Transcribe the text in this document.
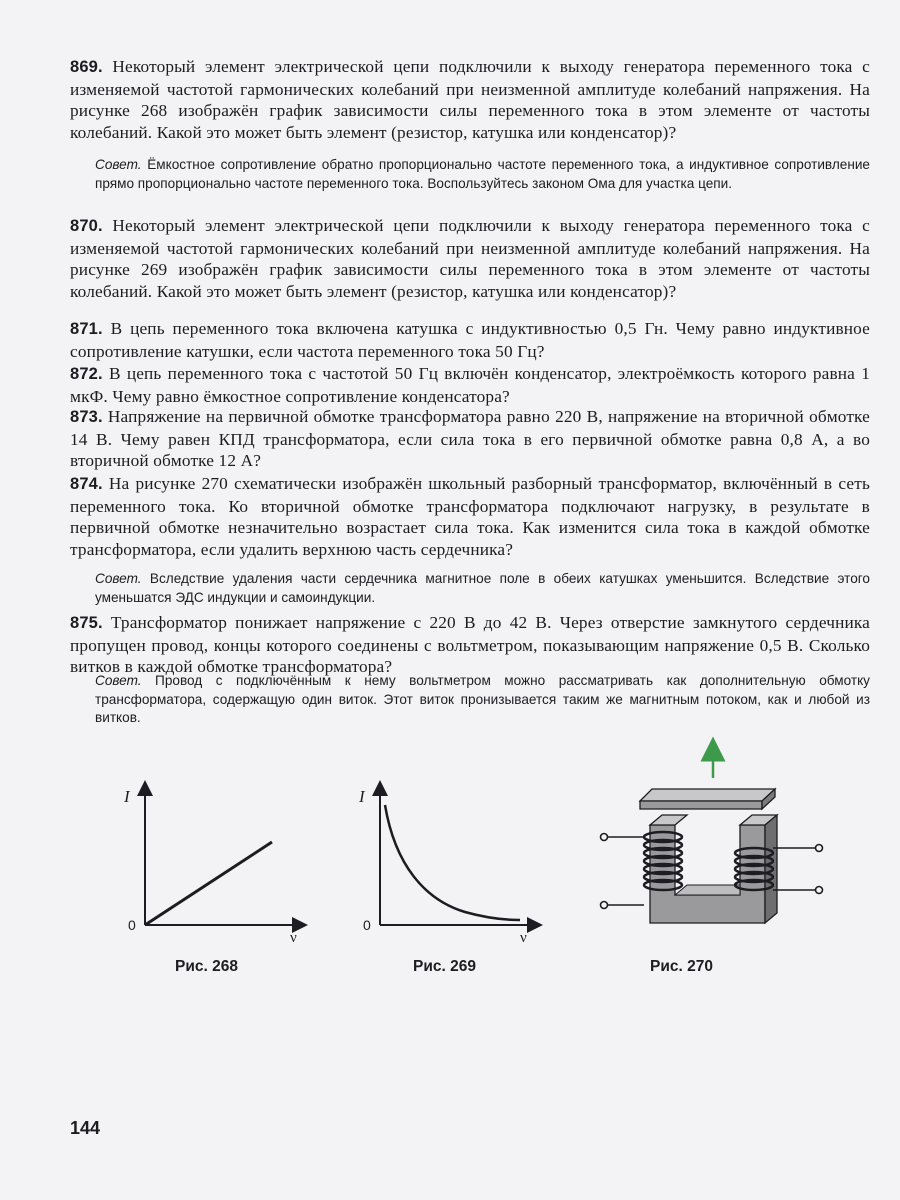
869. Некоторый элемент электрической цепи подключили к выходу генератора переменного тока с изменяемой частотой гармонических колебаний при неизменной амплитуде колебаний напряжения. На рисунке 268 изображён график зависимости силы переменного тока в этом элементе от частоты колебаний. Какой это может быть элемент (резистор, катушка или конденсатор)?
Совет. Ёмкостное сопротивление обратно пропорционально частоте переменного тока, а индуктивное сопротивление прямо пропорционально частоте переменного тока. Воспользуйтесь законом Ома для участка цепи.
870. Некоторый элемент электрической цепи подключили к выходу генератора переменного тока с изменяемой частотой гармонических колебаний при неизменной амплитуде колебаний напряжения. На рисунке 269 изображён график зависимости силы переменного тока в этом элементе от частоты колебаний. Какой это может быть элемент (резистор, катушка или конденсатор)?
871. В цепь переменного тока включена катушка с индуктивностью 0,5 Гн. Чему равно индуктивное сопротивление катушки, если частота переменного тока 50 Гц?
872. В цепь переменного тока с частотой 50 Гц включён конденсатор, электроёмкость которого равна 1 мкФ. Чему равно ёмкостное сопротивление конденсатора?
873. Напряжение на первичной обмотке трансформатора равно 220 В, напряжение на вторичной обмотке 14 В. Чему равен КПД трансформатора, если сила тока в его первичной обмотке равна 0,8 А, а во вторичной обмотке 12 А?
874. На рисунке 270 схематически изображён школьный разборный трансформатор, включённый в сеть переменного тока. Ко вторичной обмотке трансформатора подключают нагрузку, в результате в первичной обмотке незначительно возрастает сила тока. Как изменится сила тока в каждой обмотке трансформатора, если удалить верхнюю часть сердечника?
Совет. Вследствие удаления части сердечника магнитное поле в обеих катушках уменьшится. Вследствие этого уменьшатся ЭДС индукции и самоиндукции.
875. Трансформатор понижает напряжение с 220 В до 42 В. Через отверстие замкнутого сердечника пропущен провод, концы которого соединены с вольтметром, показывающим напряжение 0,5 В. Сколько витков в каждой обмотке трансформатора?
Совет. Провод с подключённым к нему вольтметром можно рассматривать как дополнительную обмотку трансформатора, содержащую один виток. Этот виток пронизывается таким же магнитным потоком, как и любой из витков.
I
0
ν
Рис. 268
I
0
ν
Рис. 269	Рис. 270
144
